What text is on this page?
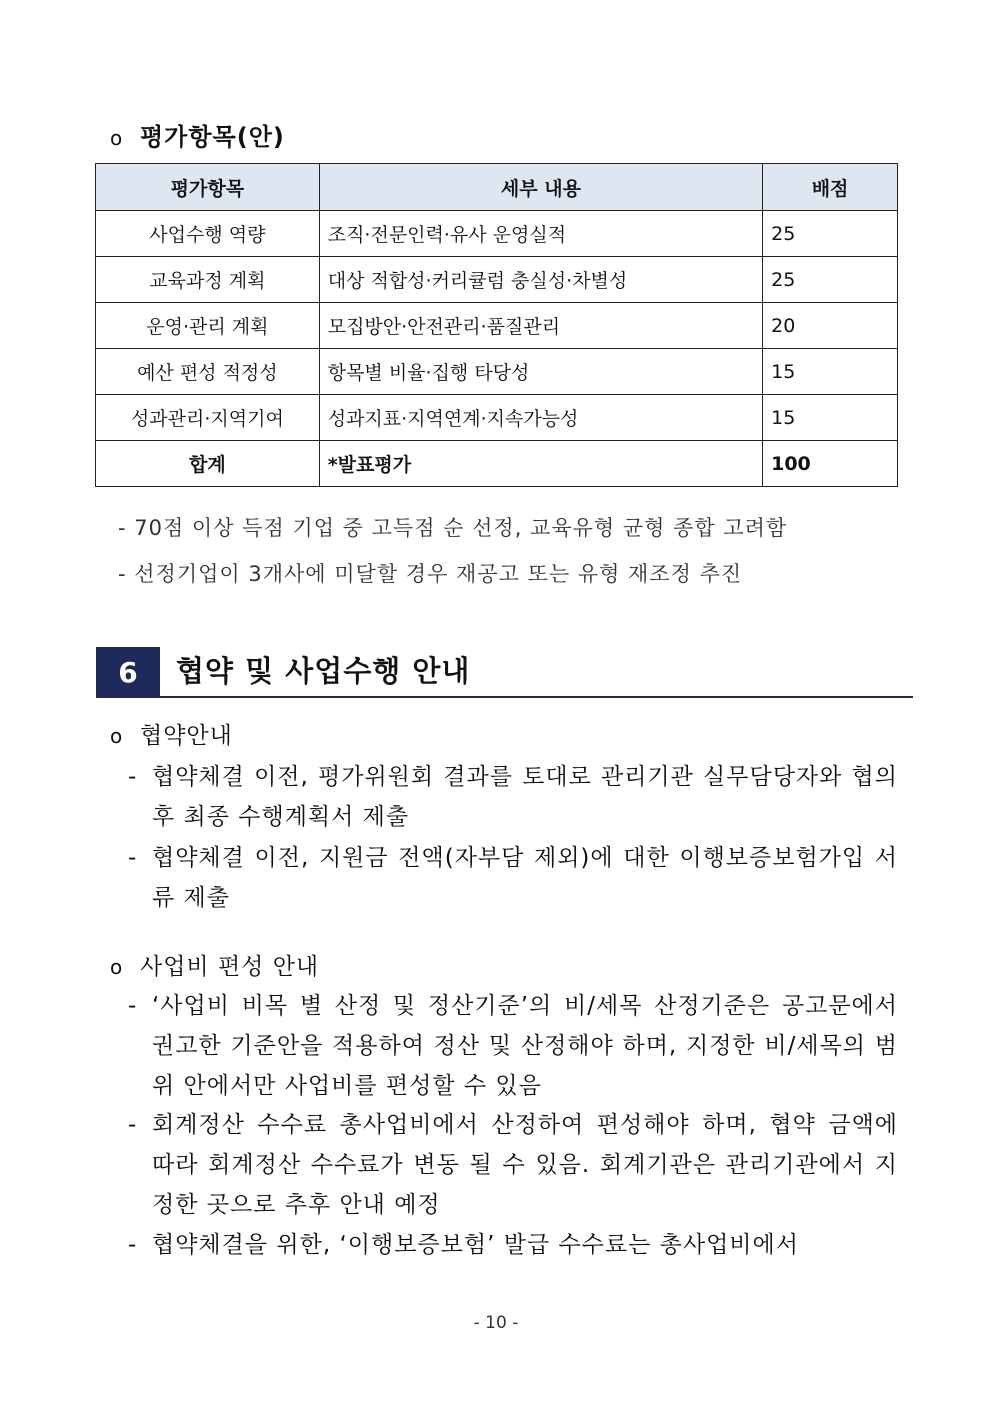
o 평가항목(안)
평가항목	세부 내용	배점
사업수행 역량	조직·전문인력·유사 운영실적	25
교육과정 계획	대상 적합성·커리큘럼 충실성·차별성	25
운영·관리 계획	모집방안·안전관리·품질관리	20
예산 편성 적정성	항목별 비율·집행 타당성	15
성과관리·지역기여	성과지표·지역연계·지속가능성	15
합계	*발표평가	100
- 70점 이상 득점 기업 중 고득점 순 선정, 교육유형 균형 종합 고려함
- 선정기업이 3개사에 미달할 경우 재공고 또는 유형 재조정 추진
6	협약 및 사업수행 안내
o 협약안내
- 협약체결 이전, 평가위원회 결과를 토대로 관리기관 실무담당자와 협의 후 최종 수행계획서 제출
- 협약체결 이전, 지원금 전액(자부담 제외)에 대한 이행보증보험가입 서류 제출
o 사업비 편성 안내
- ‘사업비 비목 별 산정 및 정산기준’의 비/세목 산정기준은 공고문에서 권고한 기준안을 적용하여 정산 및 산정해야 하며, 지정한 비/세목의 범위 안에서만 사업비를 편성할 수 있음
- 회계정산 수수료 총사업비에서 산정하여 편성해야 하며, 협약 금액에 따라 회계정산 수수료가 변동 될 수 있음. 회계기관은 관리기관에서 지정한 곳으로 추후 안내 예정
- 협약체결을 위한, ‘이행보증보험’ 발급 수수료는 총사업비에서
- 10 -
